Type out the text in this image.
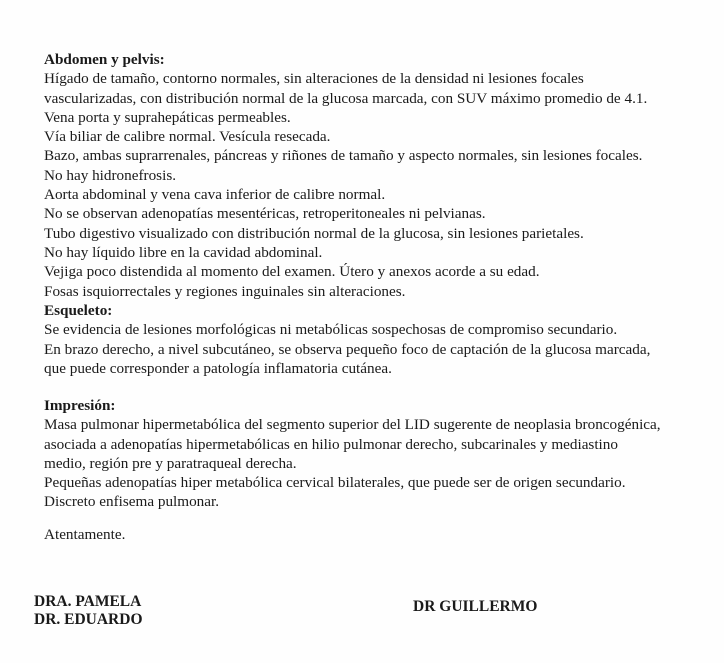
Abdomen y pelvis:
Hígado de tamaño, contorno normales, sin alteraciones de la densidad ni lesiones focales
vascularizadas, con distribución normal de la glucosa marcada, con SUV máximo promedio de 4.1.
Vena porta y suprahepáticas permeables.
Vía biliar de calibre normal. Vesícula resecada.
Bazo, ambas suprarrenales, páncreas y riñones de tamaño y aspecto normales, sin lesiones focales.
No hay hidronefrosis.
Aorta abdominal y vena cava inferior de calibre normal.
No se observan adenopatías mesentéricas, retroperitoneales ni pelvianas.
Tubo digestivo visualizado con distribución normal de la glucosa, sin lesiones parietales.
No hay líquido libre en la cavidad abdominal.
Vejiga poco distendida al momento del examen. Útero y anexos acorde a su edad.
Fosas isquiorrectales y regiones inguinales sin alteraciones.
Esqueleto:
Se evidencia de lesiones morfológicas ni metabólicas sospechosas de compromiso secundario.
En brazo derecho, a nivel subcutáneo, se observa pequeño foco de captación de la glucosa marcada,
que puede corresponder a patología inflamatoria cutánea.
Impresión:
Masa pulmonar hipermetabólica del segmento superior del LID sugerente de neoplasia broncogénica,
asociada a adenopatías hipermetabólicas en hilio pulmonar derecho, subcarinales y mediastino
medio, región pre y paratraqueal derecha.
Pequeñas adenopatías hiper metabólica cervical bilaterales, que puede ser de origen secundario.
Discreto enfisema pulmonar.
Atentamente.
DRA. PAMELA
DR. EDUARDO
DR GUILLERMO
